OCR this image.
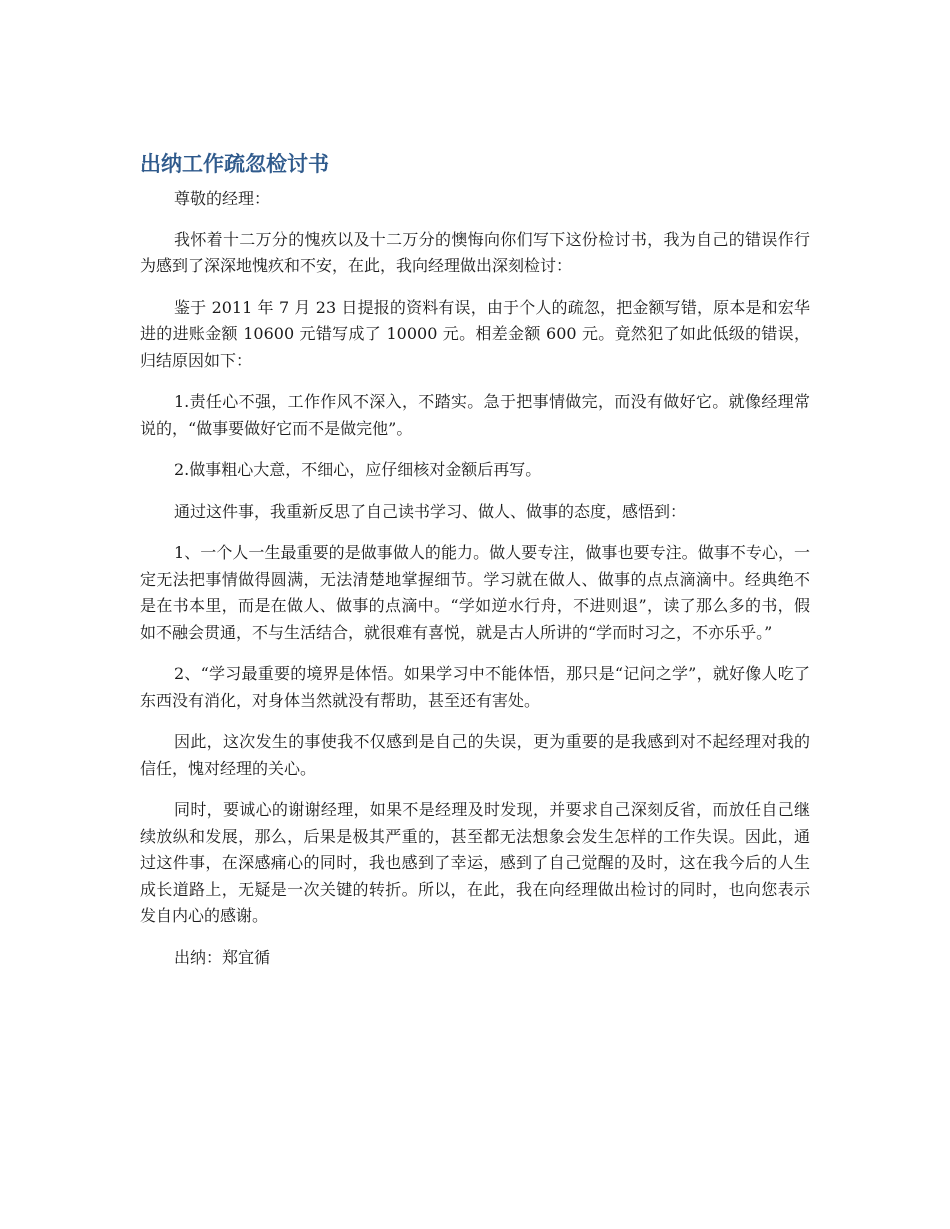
出纳工作疏忽检讨书

尊敬的经理：

我怀着十二万分的愧疚以及十二万分的懊悔向你们写下这份检讨书，我为自己的错误作行为感到了深深地愧疚和不安，在此，我向经理做出深刻检讨：

鉴于 2011 年 7 月 23 日提报的资料有误，由于个人的疏忽，把金额写错，原本是和宏华进的进账金额 10600 元错写成了 10000 元。相差金额 600 元。竟然犯了如此低级的错误，归结原因如下：

1.责任心不强，工作作风不深入，不踏实。急于把事情做完，而没有做好它。就像经理常说的，“做事要做好它而不是做完他”。

2.做事粗心大意，不细心，应仔细核对金额后再写。

通过这件事，我重新反思了自己读书学习、做人、做事的态度，感悟到：

1、一个人一生最重要的是做事做人的能力。做人要专注，做事也要专注。做事不专心，一定无法把事情做得圆满，无法清楚地掌握细节。学习就在做人、做事的点点滴滴中。经典绝不是在书本里，而是在做人、做事的点滴中。“学如逆水行舟，不进则退”，读了那么多的书，假如不融会贯通，不与生活结合，就很难有喜悦，就是古人所讲的“学而时习之，不亦乐乎。”

2、“学习最重要的境界是体悟。如果学习中不能体悟，那只是“记问之学”，就好像人吃了东西没有消化，对身体当然就没有帮助，甚至还有害处。

因此，这次发生的事使我不仅感到是自己的失误，更为重要的是我感到对不起经理对我的信任，愧对经理的关心。

同时，要诚心的谢谢经理，如果不是经理及时发现，并要求自己深刻反省，而放任自己继续放纵和发展，那么，后果是极其严重的，甚至都无法想象会发生怎样的工作失误。因此，通过这件事，在深感痛心的同时，我也感到了幸运，感到了自己觉醒的及时，这在我今后的人生成长道路上，无疑是一次关键的转折。所以，在此，我在向经理做出检讨的同时，也向您表示发自内心的感谢。

出纳：郑宜循
